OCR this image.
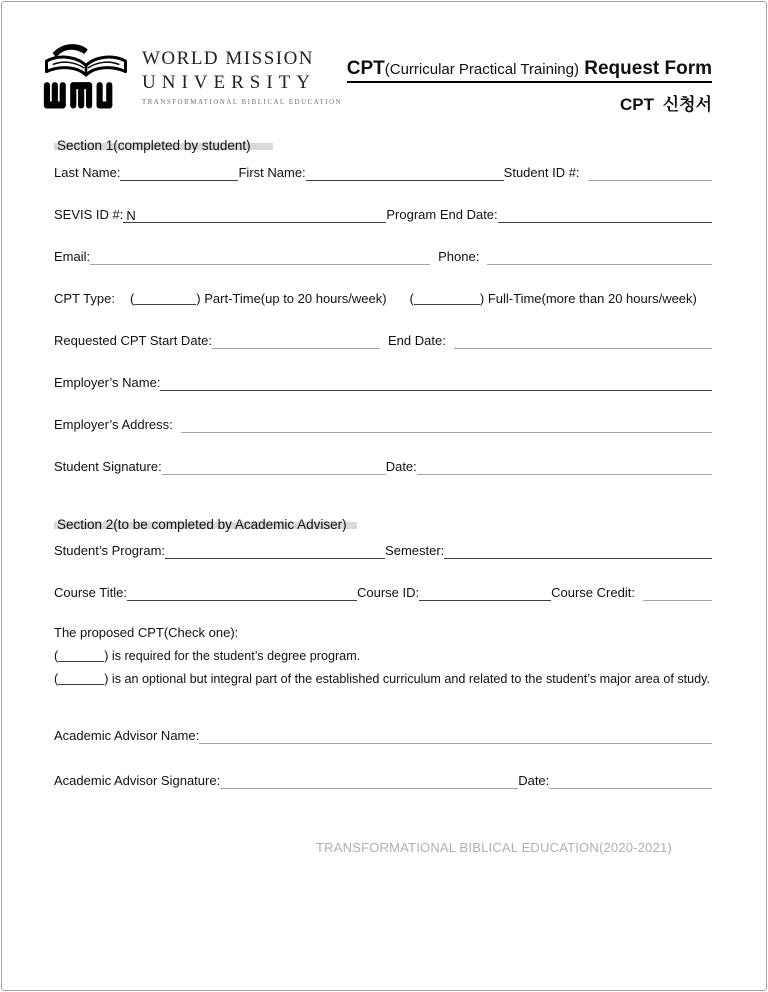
WORLD MISSION
UNIVERSITY
TRANSFORMATIONAL BIBLICAL EDUCATION
CPT(Curricular Practical Training) Request Form
CPT 신청서
Section 1(completed by student)
Last Name:	First Name:	Student ID #:
SEVIS ID #: N	Program End Date:
Email:	Phone:
CPT Type: (	) Part-Time(up to 20 hours/week) (	) Full-Time(more than 20 hours/week)
Requested CPT Start Date:	End Date:
Employer’s Name:
Employer’s Address:
Student Signature:	Date:
Section 2(to be completed by Academic Adviser)
Student’s Program:	Semester:
Course Title:	Course ID:	Course Credit:
The proposed CPT(Check one):
(	) is required for the student’s degree program.
(	) is an optional but integral part of the established curriculum and related to the student’s major area of study.
Academic Advisor Name:
Academic Advisor Signature:	Date:
TRANSFORMATIONAL BIBLICAL EDUCATION(2020-2021)
